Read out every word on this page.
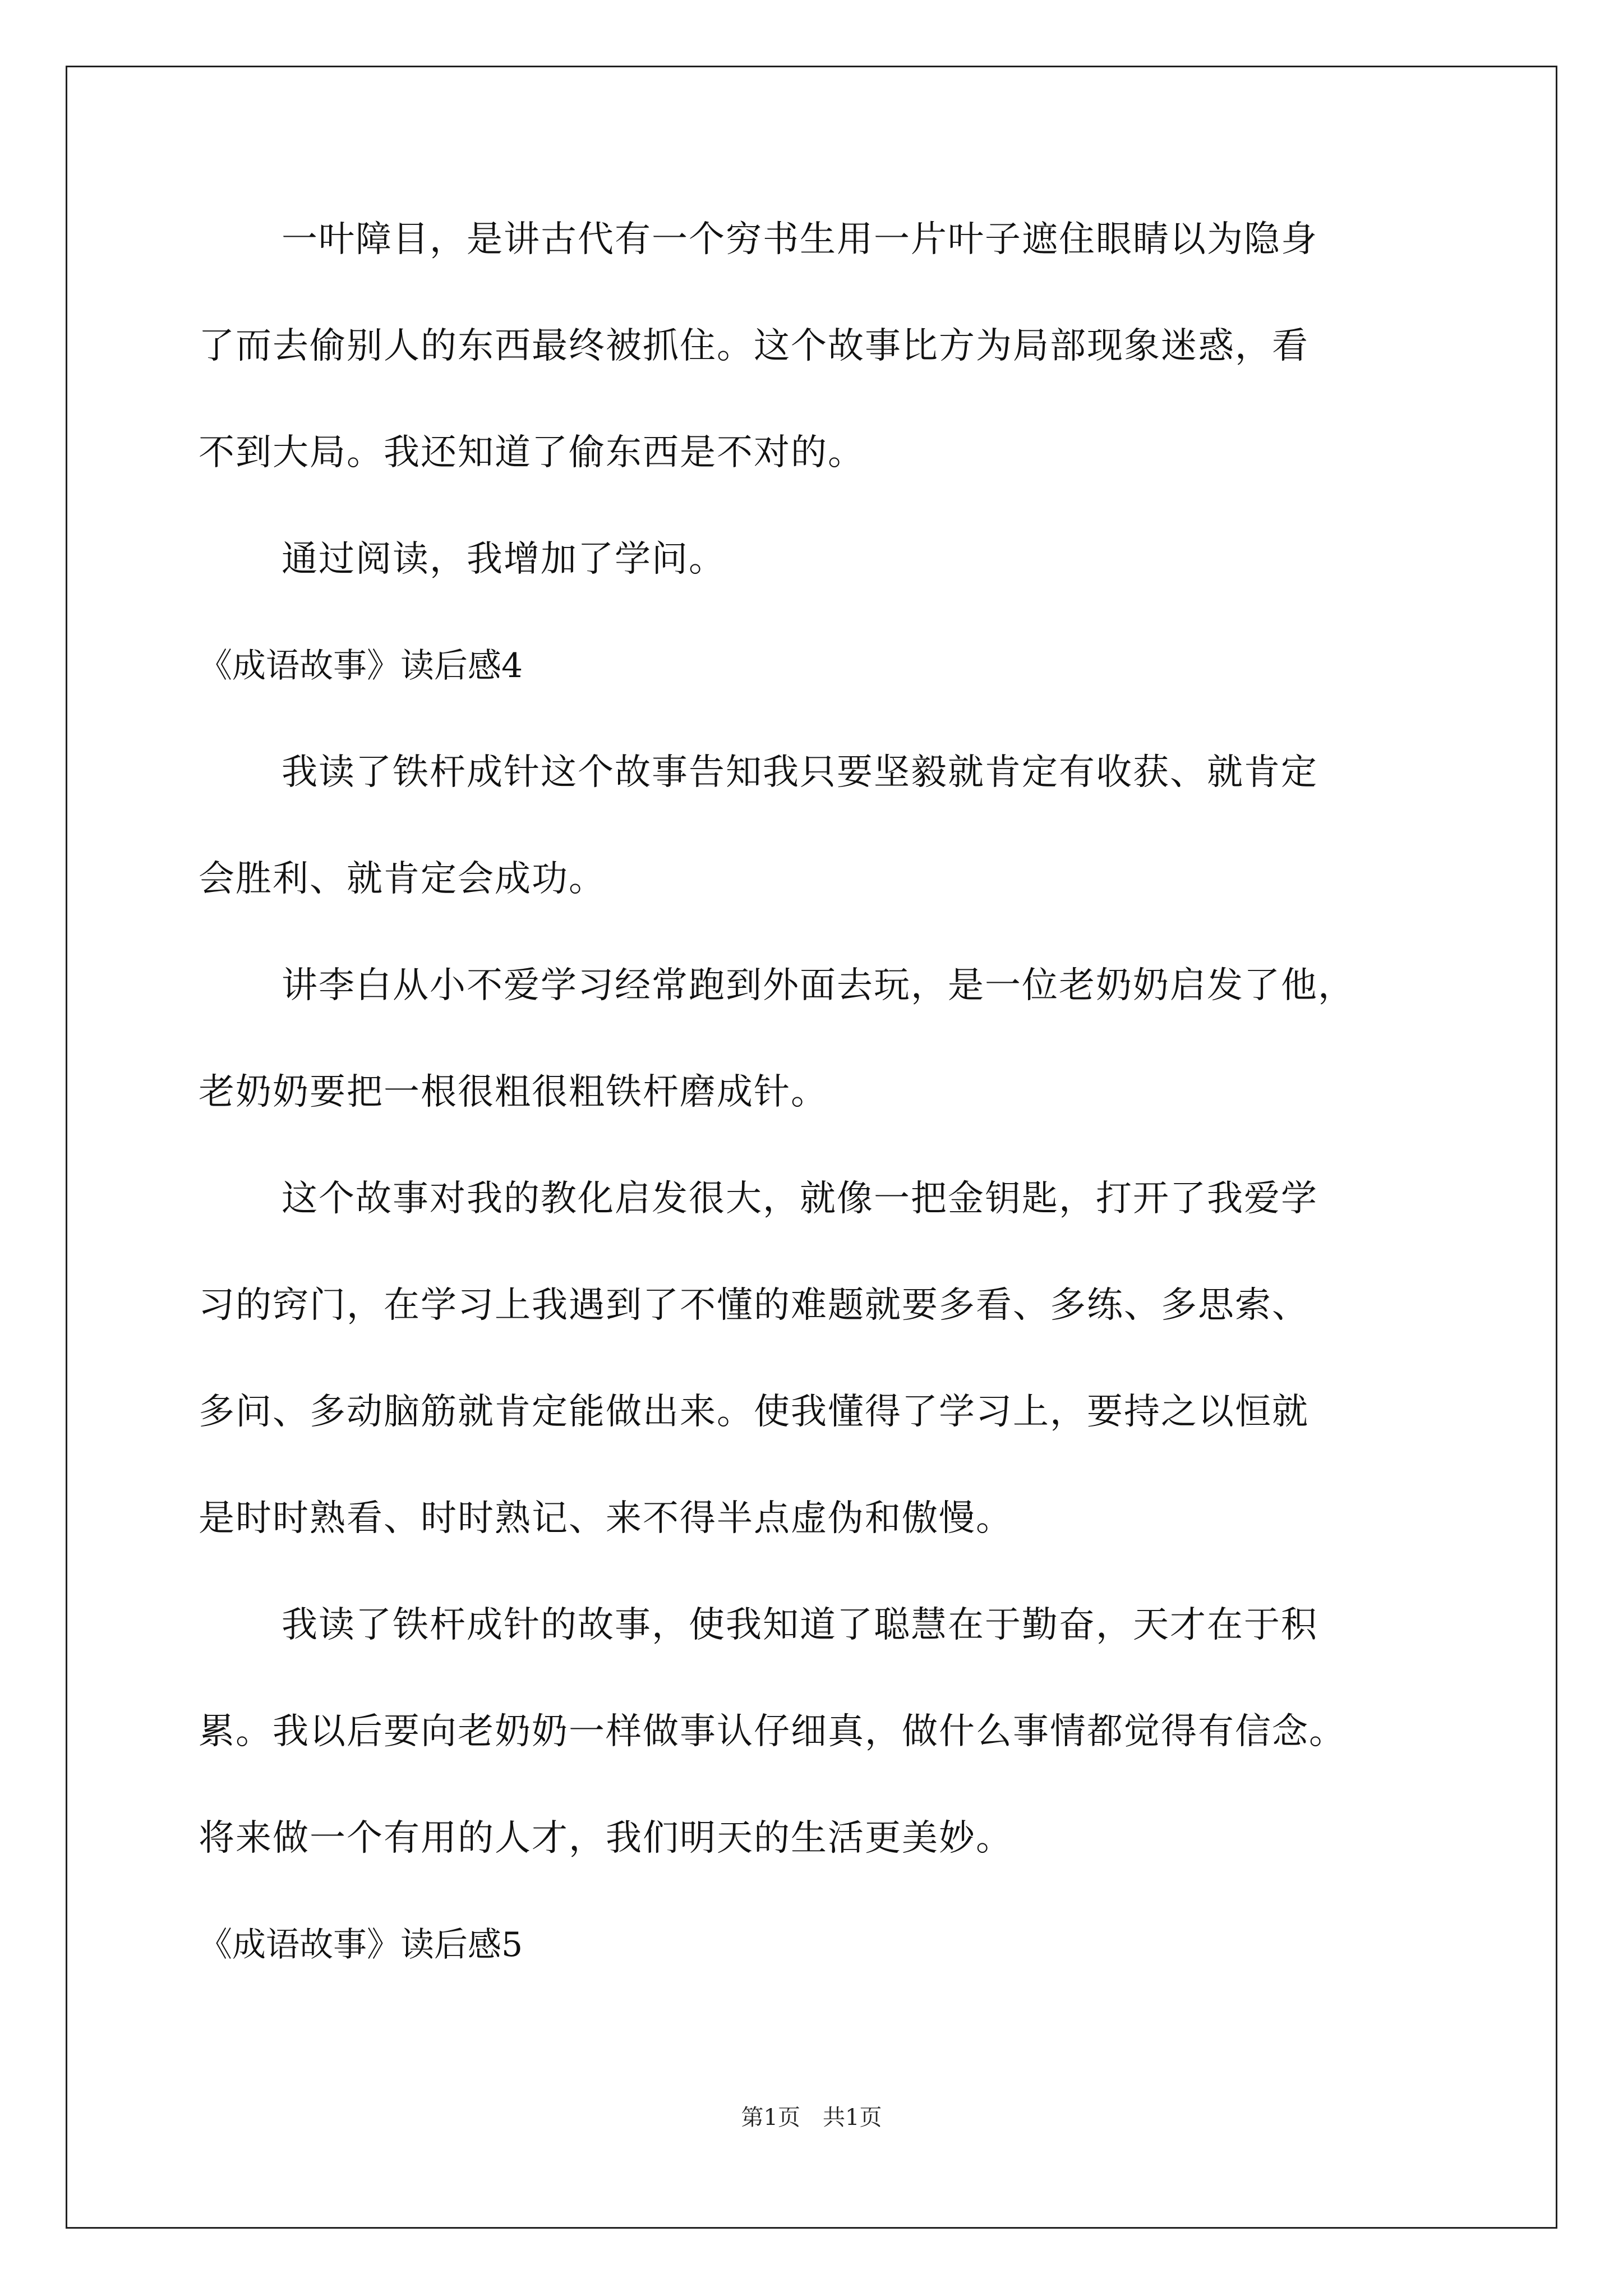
一叶障目，是讲古代有一个穷书生用一片叶子遮住眼睛以为隐身
了而去偷别人的东西最终被抓住。这个故事比方为局部现象迷惑，看
不到大局。我还知道了偷东西是不对的。
通过阅读，我增加了学问。
《成语故事》读后感4
我读了铁杆成针这个故事告知我只要坚毅就肯定有收获、就肯定
会胜利、就肯定会成功。
讲李白从小不爱学习经常跑到外面去玩，是一位老奶奶启发了他，
老奶奶要把一根很粗很粗铁杆磨成针。
这个故事对我的教化启发很大，就像一把金钥匙，打开了我爱学
习的窍门，在学习上我遇到了不懂的难题就要多看、多练、多思索、
多问、多动脑筋就肯定能做出来。使我懂得了学习上，要持之以恒就
是时时熟看、时时熟记、来不得半点虚伪和傲慢。
我读了铁杆成针的故事，使我知道了聪慧在于勤奋，天才在于积
累。我以后要向老奶奶一样做事认仔细真，做什么事情都觉得有信念。
将来做一个有用的人才，我们明天的生活更美妙。
《成语故事》读后感5
第1页　共1页
